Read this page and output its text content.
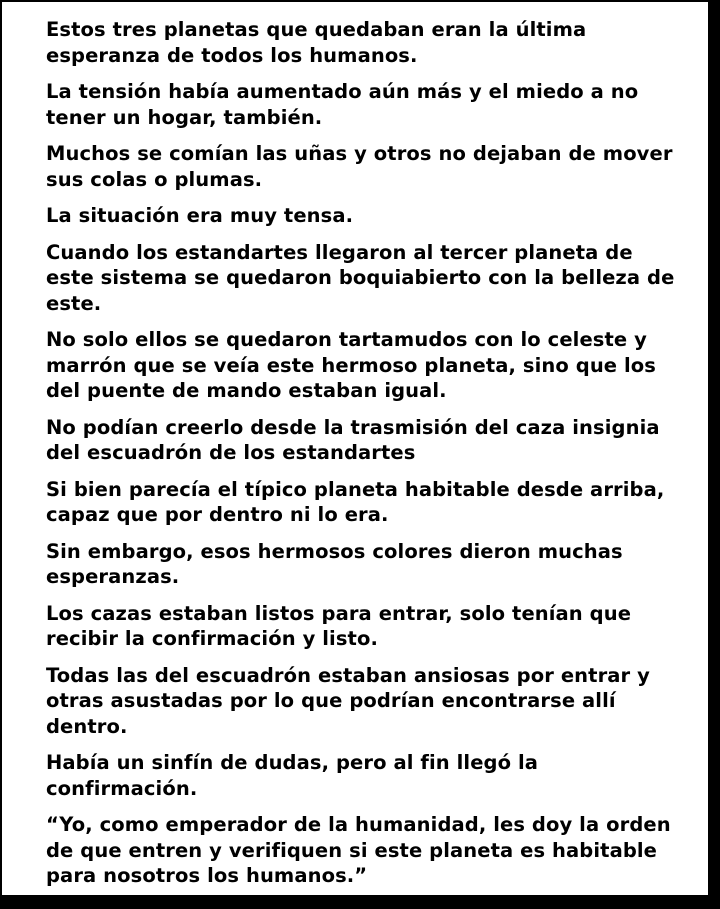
Estos tres planetas que quedaban eran la última esperanza de todos los humanos.

La tensión había aumentado aún más y el miedo a no tener un hogar, también.

Muchos se comían las uñas y otros no dejaban de mover sus colas o plumas.

La situación era muy tensa.

Cuando los estandartes llegaron al tercer planeta de este sistema se quedaron boquiabierto con la belleza de este.

No solo ellos se quedaron tartamudos con lo celeste y marrón que se veía este hermoso planeta, sino que los del puente de mando estaban igual.

No podían creerlo desde la trasmisión del caza insignia del escuadrón de los estandartes

Si bien parecía el típico planeta habitable desde arriba, capaz que por dentro ni lo era.

Sin embargo, esos hermosos colores dieron muchas esperanzas.

Los cazas estaban listos para entrar, solo tenían que recibir la confirmación y listo.

Todas las del escuadrón estaban ansiosas por entrar y otras asustadas por lo que podrían encontrarse allí dentro.

Había un sinfín de dudas, pero al fin llegó la confirmación.

“Yo, como emperador de la humanidad, les doy la orden de que entren y verifiquen si este planeta es habitable para nosotros los humanos.”
